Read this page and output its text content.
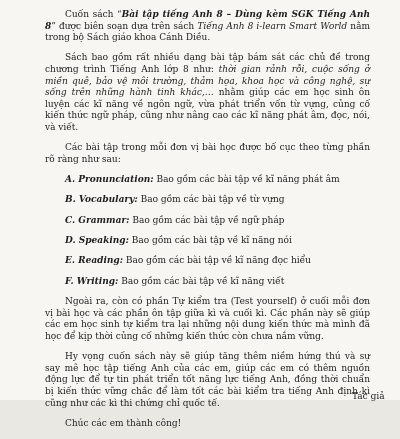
Cuốn sách “Bài tập tiếng Anh 8 – Dùng kèm SGK Tiếng Anh 8” được biên soạn dựa trên sách Tiếng Anh 8 i-learn Smart World nằm trong bộ Sách giáo khoa Cánh Diều.

Sách bao gồm rất nhiều dạng bài tập bám sát các chủ đề trong chương trình Tiếng Anh lớp 8 như: thời gian rảnh rỗi, cuộc sống ở miền quê, bảo vệ môi trường, thảm họa, khoa học và công nghệ, sự sống trên những hành tinh khác,… nhằm giúp các em học sinh ôn luyện các kĩ năng về ngôn ngữ, vừa phát triển vốn từ vựng, củng cố kiến thức ngữ pháp, cũng như nâng cao các kĩ năng phát âm, đọc, nói, và viết.

Các bài tập trong mỗi đơn vị bài học được bố cục theo từng phần rõ ràng như sau:

A. Pronunciation: Bao gồm các bài tập về kĩ năng phát âm

B. Vocabulary: Bao gồm các bài tập về từ vựng

C. Grammar: Bao gồm các bài tập về ngữ pháp

D. Speaking: Bao gồm các bài tập về kĩ năng nói

E. Reading: Bao gồm các bài tập về kĩ năng đọc hiểu

F. Writing: Bao gồm các bài tập về kĩ năng viết

Ngoài ra, còn có phần Tự kiểm tra (Test yourself) ở cuối mỗi đơn vị bài học và các phần ôn tập giữa kì và cuối kì. Các phần này sẽ giúp các em học sinh tự kiểm tra lại những nội dung kiến thức mà mình đã học để kịp thời củng cố những kiến thức còn chưa nắm vững.

Hy vọng cuốn sách này sẽ giúp tăng thêm niềm hứng thú và sự say mê học tập tiếng Anh của các em, giúp các em có thêm nguồn động lực để tự tin phát triển tốt năng lực tiếng Anh, đồng thời chuẩn bị kiến thức vững chắc để làm tốt các bài kiểm tra tiếng Anh định kì cũng như các kì thi chứng chỉ quốc tế.

Chúc các em thành công!

Tác giả
